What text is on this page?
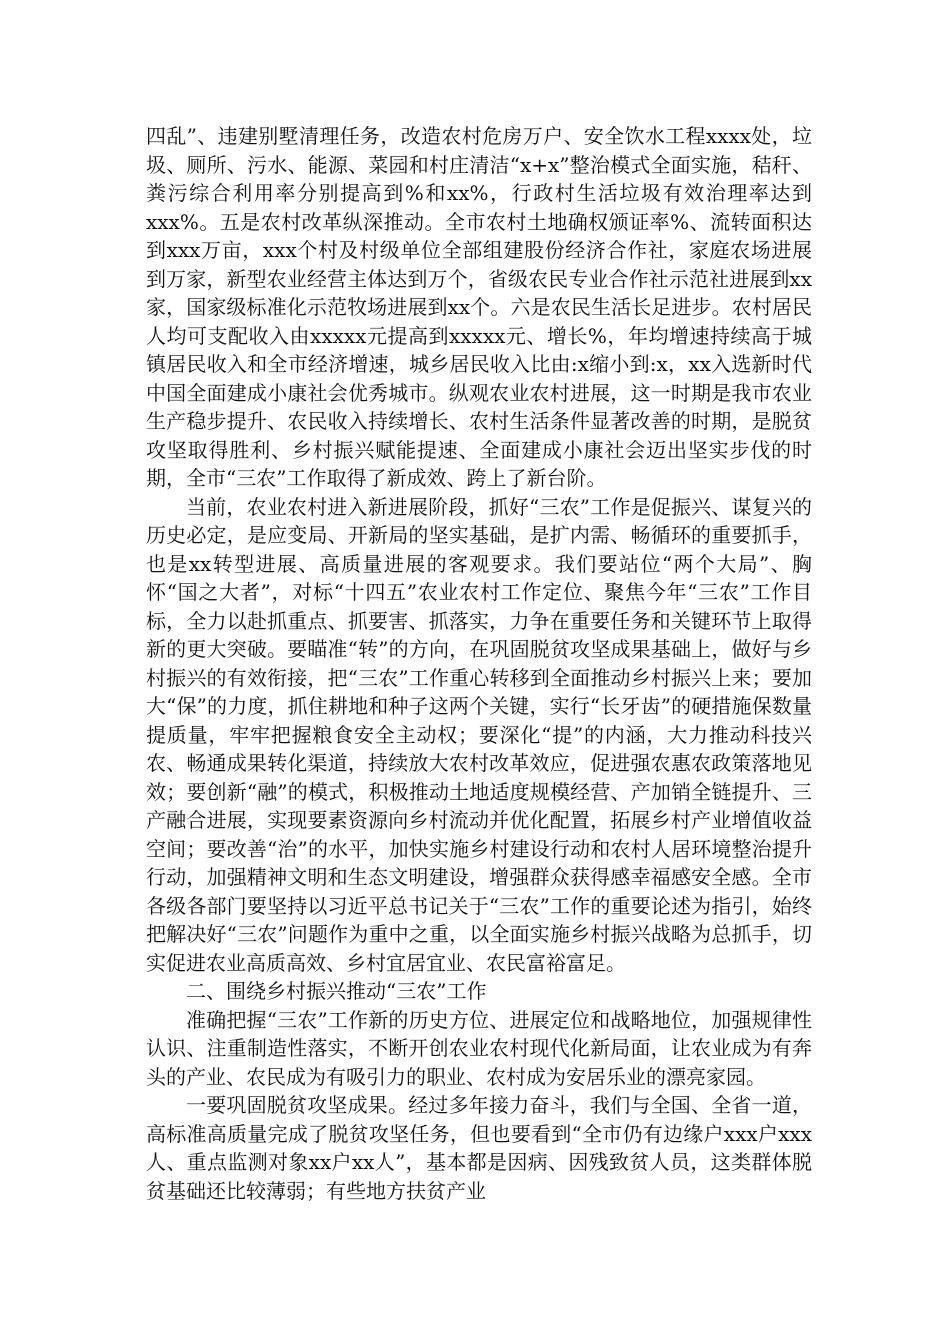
四乱”、违建别墅清理任务，改造农村危房万户、安全饮水工程xxxx处，垃圾、厕所、污水、能源、菜园和村庄清洁“x+x”整治模式全面实施，秸秆、粪污综合利用率分别提高到%和xx%，行政村生活垃圾有效治理率达到xxx%。五是农村改革纵深推动。全市农村土地确权颁证率%、流转面积达到xxx万亩，xxx个村及村级单位全部组建股份经济合作社，家庭农场进展到万家，新型农业经营主体达到万个，省级农民专业合作社示范社进展到xx家，国家级标准化示范牧场进展到xx个。六是农民生活长足进步。农村居民人均可支配收入由xxxxx元提高到xxxxx元、增长%，年均增速持续高于城镇居民收入和全市经济增速，城乡居民收入比由:x缩小到:x，xx入选新时代中国全面建成小康社会优秀城市。纵观农业农村进展，这一时期是我市农业生产稳步提升、农民收入持续增长、农村生活条件显著改善的时期，是脱贫攻坚取得胜利、乡村振兴赋能提速、全面建成小康社会迈出坚实步伐的时期，全市“三农”工作取得了新成效、跨上了新台阶。

当前，农业农村进入新进展阶段，抓好“三农”工作是促振兴、谋复兴的历史必定，是应变局、开新局的坚实基础，是扩内需、畅循环的重要抓手，也是xx转型进展、高质量进展的客观要求。我们要站位“两个大局”、胸怀“国之大者”，对标“十四五”农业农村工作定位、聚焦今年“三农”工作目标，全力以赴抓重点、抓要害、抓落实，力争在重要任务和关键环节上取得新的更大突破。要瞄准“转”的方向，在巩固脱贫攻坚成果基础上，做好与乡村振兴的有效衔接，把“三农”工作重心转移到全面推动乡村振兴上来；要加大“保”的力度，抓住耕地和种子这两个关键，实行“长牙齿”的硬措施保数量提质量，牢牢把握粮食安全主动权；要深化“提”的内涵，大力推动科技兴农、畅通成果转化渠道，持续放大农村改革效应，促进强农惠农政策落地见效；要创新“融”的模式，积极推动土地适度规模经营、产加销全链提升、三产融合进展，实现要素资源向乡村流动并优化配置，拓展乡村产业增值收益空间；要改善“治”的水平，加快实施乡村建设行动和农村人居环境整治提升行动，加强精神文明和生态文明建设，增强群众获得感幸福感安全感。全市各级各部门要坚持以习近平总书记关于“三农”工作的重要论述为指引，始终把解决好“三农”问题作为重中之重，以全面实施乡村振兴战略为总抓手，切实促进农业高质高效、乡村宜居宜业、农民富裕富足。

二、围绕乡村振兴推动“三农”工作

准确把握“三农”工作新的历史方位、进展定位和战略地位，加强规律性认识、注重制造性落实，不断开创农业农村现代化新局面，让农业成为有奔头的产业、农民成为有吸引力的职业、农村成为安居乐业的漂亮家园。

一要巩固脱贫攻坚成果。经过多年接力奋斗，我们与全国、全省一道，高标准高质量完成了脱贫攻坚任务，但也要看到“全市仍有边缘户xxx户xxx人、重点监测对象xx户xx人”，基本都是因病、因残致贫人员，这类群体脱贫基础还比较薄弱；有些地方扶贫产业
